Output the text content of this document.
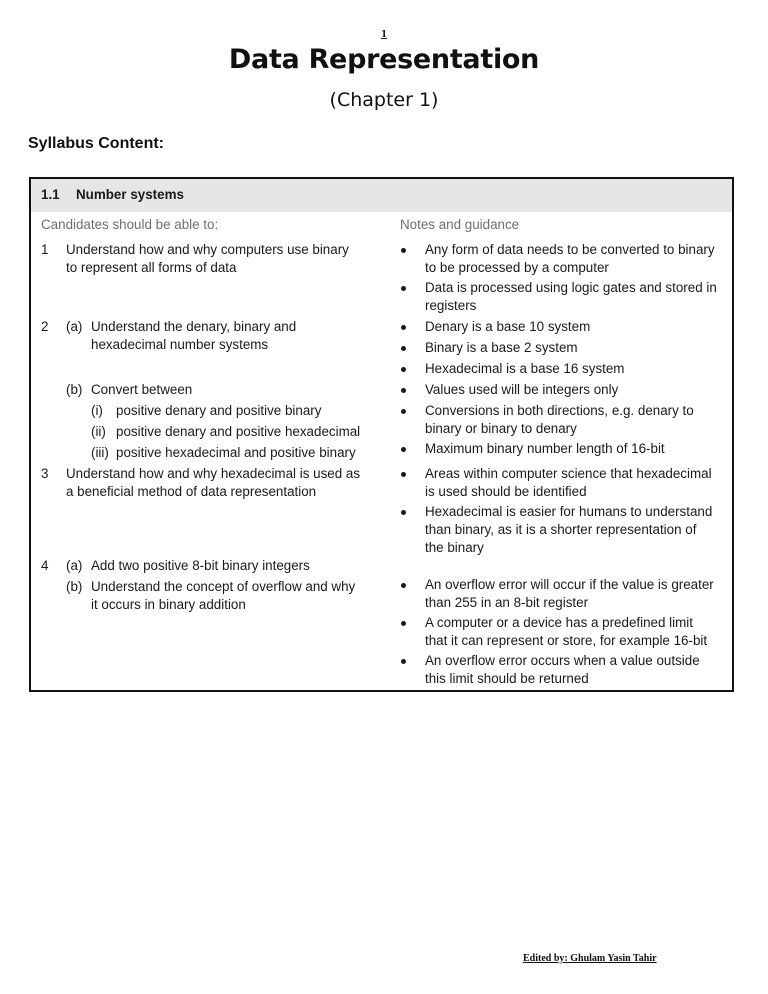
1
Data Representation
(Chapter 1)
Syllabus Content:
1.1 Number systems
Candidates should be able to:	Notes and guidance
1 Understand how and why computers use binary
to represent all forms of data
2 (a) Understand the denary, binary and
hexadecimal number systems
(b) Convert between
(i) positive denary and positive binary
(ii) positive denary and positive hexadecimal
(iii) positive hexadecimal and positive binary
3 Understand how and why hexadecimal is used as
a beneficial method of data representation
4 (a) Add two positive 8-bit binary integers
(b) Understand the concept of overflow and why
it occurs in binary addition
Any form of data needs to be converted to binary
to be processed by a computer
Data is processed using logic gates and stored in
registers
Denary is a base 10 system
Binary is a base 2 system
Hexadecimal is a base 16 system
Values used will be integers only
Conversions in both directions, e.g. denary to
binary or binary to denary
Maximum binary number length of 16-bit
Areas within computer science that hexadecimal
is used should be identified
Hexadecimal is easier for humans to understand
than binary, as it is a shorter representation of
the binary
An overflow error will occur if the value is greater
than 255 in an 8-bit register
A computer or a device has a predefined limit
that it can represent or store, for example 16-bit
An overflow error occurs when a value outside
this limit should be returned
Edited by: Ghulam Yasin Tahir
